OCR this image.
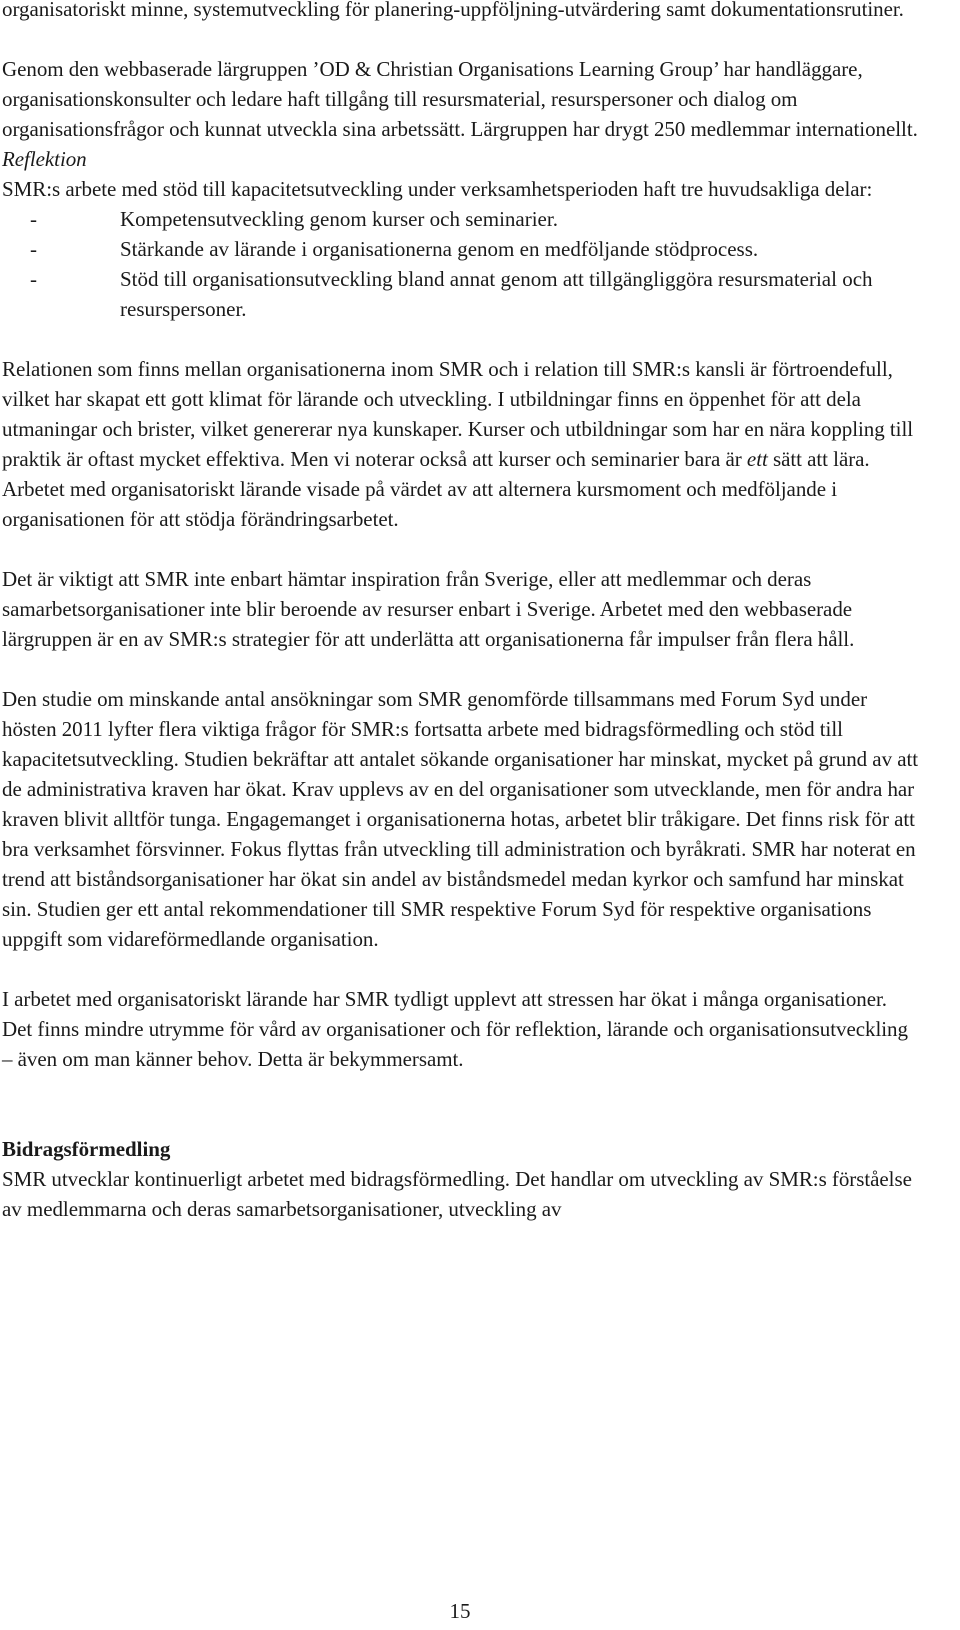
organisatoriskt minne, systemutveckling för planering-uppföljning-utvärdering samt dokumentationsrutiner.

Genom den webbaserade lärgruppen ’OD & Christian Organisations Learning Group’ har handläggare, organisationskonsulter och ledare haft tillgång till resursmaterial, resurspersoner och dialog om organisationsfrågor och kunnat utveckla sina arbetssätt. Lärgruppen har drygt 250 medlemmar internationellt.

Reflektion

SMR:s arbete med stöd till kapacitetsutveckling under verksamhetsperioden haft tre huvudsakliga delar:

-	Kompetensutveckling genom kurser och seminarier.
-	Stärkande av lärande i organisationerna genom en medföljande stödprocess.
-	Stöd till organisationsutveckling bland annat genom att tillgängliggöra resursmaterial och resurspersoner.

Relationen som finns mellan organisationerna inom SMR och i relation till SMR:s kansli är förtroendefull, vilket har skapat ett gott klimat för lärande och utveckling. I utbildningar finns en öppenhet för att dela utmaningar och brister, vilket genererar nya kunskaper. Kurser och utbildningar som har en nära koppling till praktik är oftast mycket effektiva. Men vi noterar också att kurser och seminarier bara är ett sätt att lära. Arbetet med organisatoriskt lärande visade på värdet av att alternera kursmoment och medföljande i organisationen för att stödja förändringsarbetet.

Det är viktigt att SMR inte enbart hämtar inspiration från Sverige, eller att medlemmar och deras samarbetsorganisationer inte blir beroende av resurser enbart i Sverige. Arbetet med den webbaserade lärgruppen är en av SMR:s strategier för att underlätta att organisationerna får impulser från flera håll.

Den studie om minskande antal ansökningar som SMR genomförde tillsammans med Forum Syd under hösten 2011 lyfter flera viktiga frågor för SMR:s fortsatta arbete med bidragsförmedling och stöd till kapacitetsutveckling. Studien bekräftar att antalet sökande organisationer har minskat, mycket på grund av att de administrativa kraven har ökat. Krav upplevs av en del organisationer som utvecklande, men för andra har kraven blivit alltför tunga. Engagemanget i organisationerna hotas, arbetet blir tråkigare. Det finns risk för att bra verksamhet försvinner. Fokus flyttas från utveckling till administration och byråkrati. SMR har noterat en trend att biståndsorganisationer har ökat sin andel av biståndsmedel medan kyrkor och samfund har minskat sin. Studien ger ett antal rekommendationer till SMR respektive Forum Syd för respektive organisations uppgift som vidareförmedlande organisation.

I arbetet med organisatoriskt lärande har SMR tydligt upplevt att stressen har ökat i många organisationer. Det finns mindre utrymme för vård av organisationer och för reflektion, lärande och organisationsutveckling – även om man känner behov. Detta är bekymmersamt.

Bidragsförmedling

SMR utvecklar kontinuerligt arbetet med bidragsförmedling. Det handlar om utveckling av SMR:s förståelse av medlemmarna och deras samarbetsorganisationer, utveckling av

15
